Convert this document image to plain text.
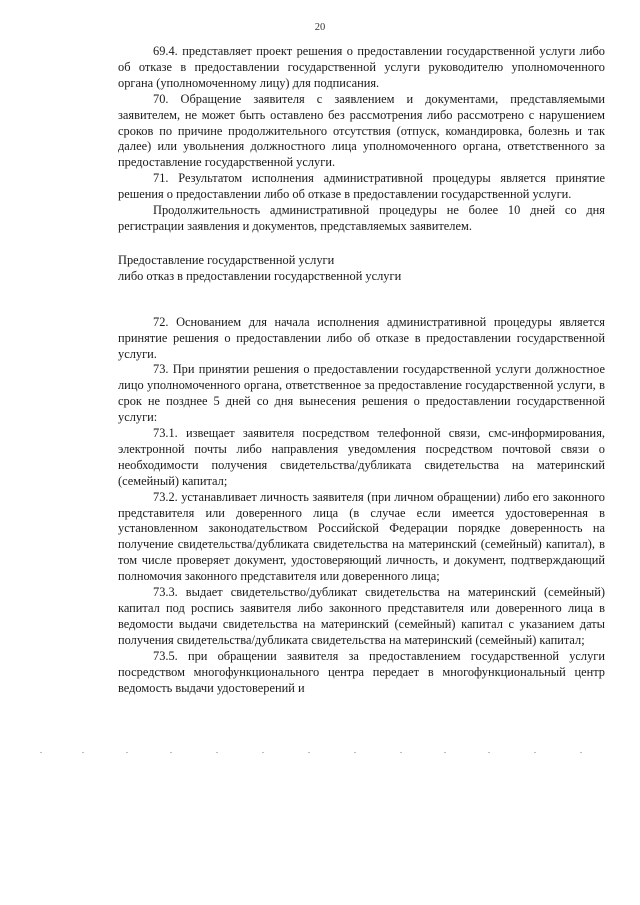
20

69.4. представляет проект решения о предоставлении государственной услуги либо об отказе в предоставлении государственной услуги руководителю уполномоченного органа (уполномоченному лицу) для подписания.

70. Обращение заявителя с заявлением и документами, представляемыми заявителем, не может быть оставлено без рассмотрения либо рассмотрено с нарушением сроков по причине продолжительного отсутствия (отпуск, командировка, болезнь и так далее) или увольнения должностного лица уполномоченного органа, ответственного за предоставление государственной услуги.

71. Результатом исполнения административной процедуры является принятие решения о предоставлении либо об отказе в предоставлении государственной услуги.

Продолжительность административной процедуры не более 10 дней со дня регистрации заявления и документов, представляемых заявителем.

Предоставление государственной услуги

либо отказ в предоставлении государственной услуги

72. Основанием для начала исполнения административной процедуры является принятие решения о предоставлении либо об отказе в предоставлении государственной услуги.

73. При принятии решения о предоставлении государственной услуги должностное лицо уполномоченного органа, ответственное за предоставление государственной услуги, в срок не позднее 5 дней со дня вынесения решения о предоставлении государственной услуги:

73.1. извещает заявителя посредством телефонной связи, смс-информирования, электронной почты либо направления уведомления посредством почтовой связи о необходимости получения свидетельства/дубликата свидетельства на материнский (семейный) капитал;

73.2. устанавливает личность заявителя (при личном обращении) либо его законного представителя или доверенного лица (в случае если имеется удостоверенная в установленном законодательством Российской Федерации порядке доверенность на получение свидетельства/дубликата свидетельства на материнский (семейный) капитал), в том числе проверяет документ, удостоверяющий личность, и документ, подтверждающий полномочия законного представителя или доверенного лица;

73.3. выдает свидетельство/дубликат свидетельства на материнский (семейный) капитал под роспись заявителя либо законного представителя или доверенного лица в ведомости выдачи свидетельства на материнский (семейный) капитал с указанием даты получения свидетельства/дубликата свидетельства на материнский (семейный) капитал;

73.5. при обращении заявителя за предоставлением государственной услуги посредством многофункционального центра передает в многофункциональный центр ведомость выдачи удостоверений и
